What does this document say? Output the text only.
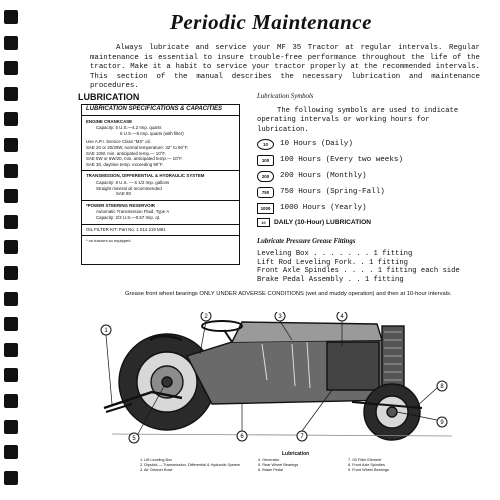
Periodic Maintenance

Always lubricate and service your MF 35 Tractor at regular intervals. Regular maintenance is essential to insure trouble-free performance throughout the life of the tractor. Make it a habit to service your tractor properly at the recommended intervals. This section of the manual describes the necessary lubrication and maintenance procedures.

LUBRICATION
LUBRICATION SPECIFICATIONS & CAPACITIES
ENGINE CRANKCASE
Capacity: 5 U.S.—4.2 Imp. quarts
6 U.S.—5 Imp. quarts (with filter)
Use A.P.I. Service Class "MS" oil.
SAE 20 or 20/20W, normal temperature: 32° to 90°F.
SAE 10W, min. anticipated temp.— 10°F.
SAE 5W or 5W/20, min. anticipated temp.— 10°F.
SAE 30, daytime temp. exceeding 90°F.
TRANSMISSION, DIFFERENTIAL & HYDRAULIC SYSTEM
Capacity: 8 U.S. — 6 1/2 Imp. gallons
Straight mineral oil recommended
SAE 80
*POWER STEERING RESERVOIR
Automatic Transmission Fluid, Type A
Capacity: 2/3 U.S.—0.57 Imp. qt.
OIL FILTER KIT: Part No. 1 014 219 M91
* on tractors so equipped
Lubrication Symbols

The following symbols are used to indicate operating intervals or working hours for lubrication.

10	10 Hours (Daily)
100	100 Hours (Every two weeks)
200	200 Hours (Monthly)
750	750 Hours (Spring-Fall)
1000	1000 Hours (Yearly)
10	DAILY (10-Hour) LUBRICATION
Lubricate Pressure Grease Fittings
Leveling Box . . . . . . .
1 fitting
Lift Rod Leveling Fork. .
1 fitting
Front Axle Spindles . . . .
1 fitting each side
Brake Pedal Assembly . .
1 fitting
Grease front wheel bearings ONLY UNDER ADVERSE CONDITIONS (wet and muddy operation) and then at 10-hour intervals.
1
2	3	4
5	6	7
8
9
Lubrication
1. Lift Leveling Box	4. Generator	7. Oil Filter Element
2. Dipstick — Transmission, Differential & Hydraulic System	5. Rear Wheel Bearings	8. Front Axle Spindles
3. Air Cleaner Bowl	6. Brake Pedal	9. Front Wheel Bearings
